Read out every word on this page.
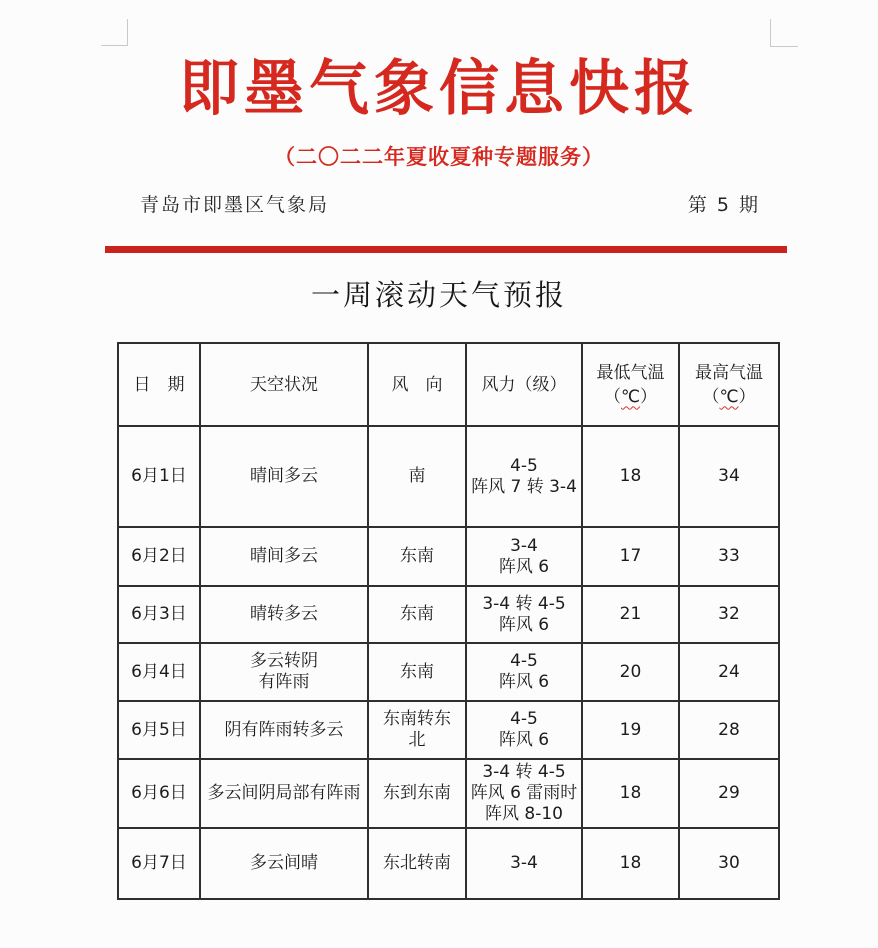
即墨气象信息快报
（二〇二二年夏收夏种专题服务）
青岛市即墨区气象局	第 5 期
一周滚动天气预报
日　期	天空状况	风　向	风力（级）	最低气温
（℃）	最高气温
（℃）

6月1日	晴间多云	南	4-5
阵风 7 转 3-4	18	34

6月2日	晴间多云	东南	3-4
阵风 6	17	33

6月3日	晴转多云	东南	3-4 转 4-5
阵风 6	21	32

6月4日	多云转阴
有阵雨	东南	4-5
阵风 6	20	24

6月5日	阴有阵雨转多云	东南转东
北	4-5
阵风 6	19	28

6月6日	多云间阴局部有阵雨	东到东南	3-4 转 4-5
阵风 6 雷雨时
阵风 8-10	18	29

6月7日	多云间晴	东北转南	3-4	18	30
